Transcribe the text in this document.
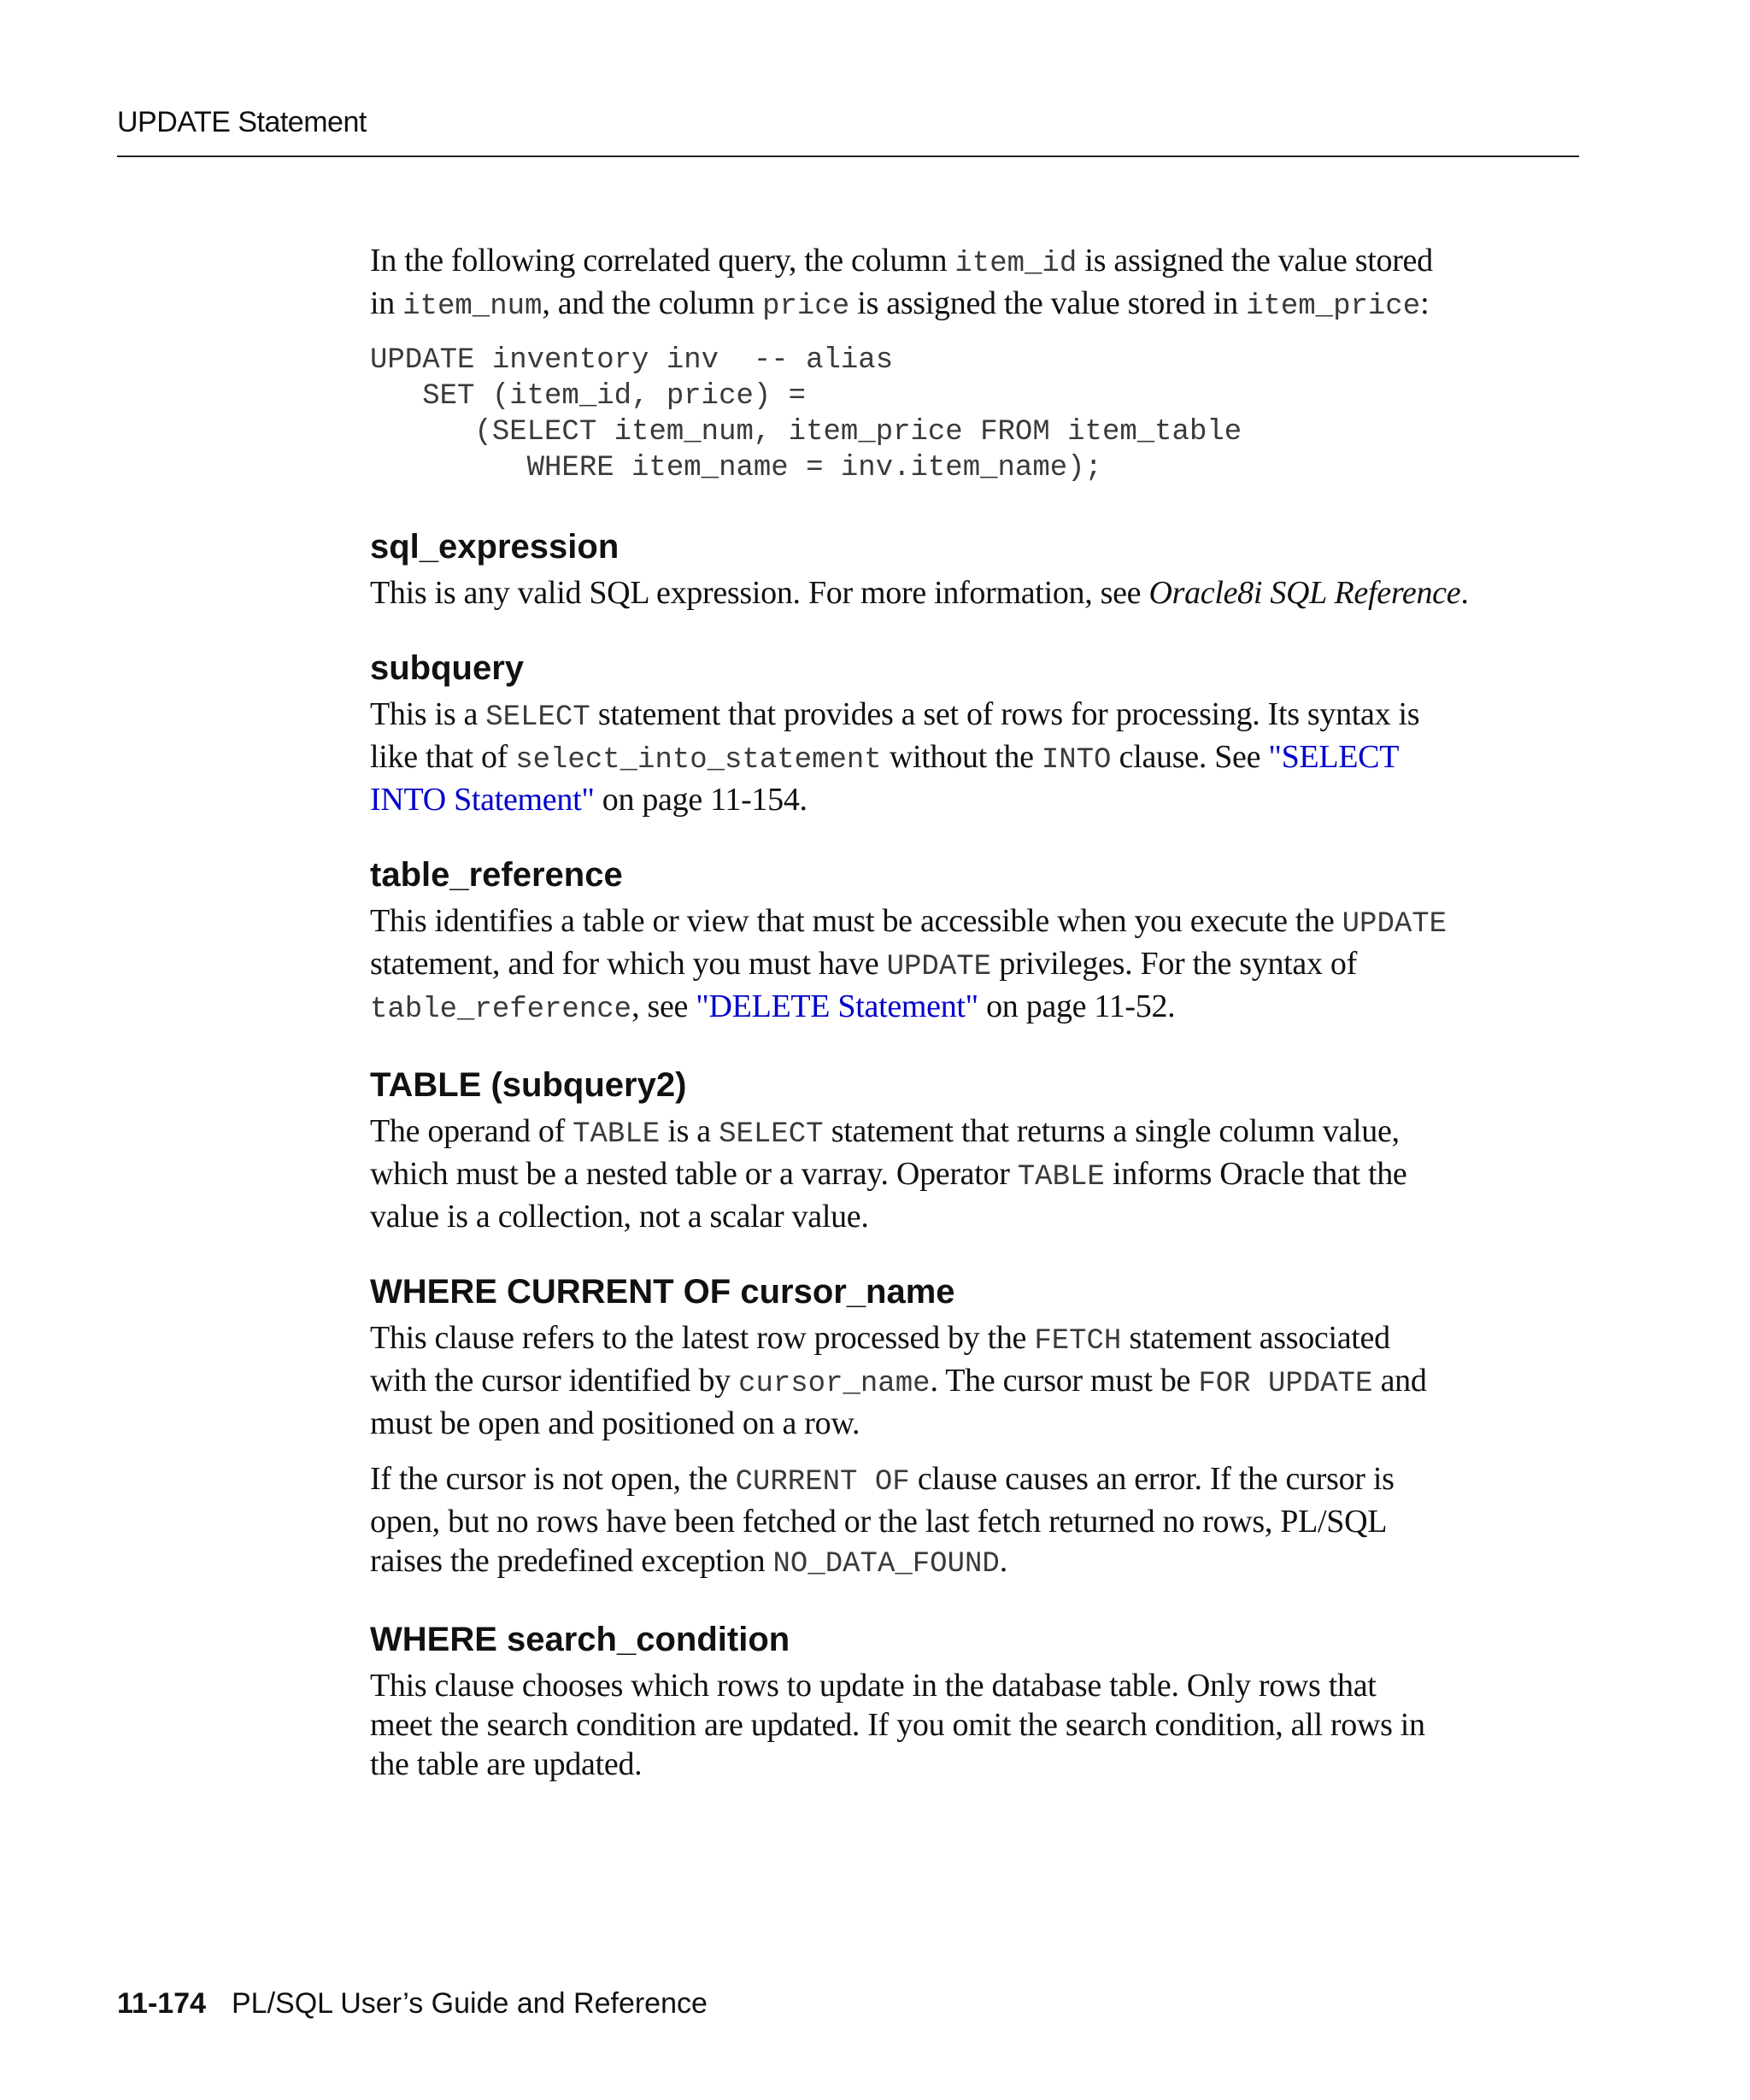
UPDATE Statement

In the following correlated query, the column item_id is assigned the value stored
in item_num, and the column price is assigned the value stored in item_price:

UPDATE inventory inv  -- alias
SET (item_id, price) =
(SELECT item_num, item_price FROM item_table
WHERE item_name = inv.item_name);
sql_expression

This is any valid SQL expression. For more information, see Oracle8i SQL Reference.

subquery

This is a SELECT statement that provides a set of rows for processing. Its syntax is
like that of select_into_statement without the INTO clause. See "SELECT
INTO Statement" on page 11-154.

table_reference

This identifies a table or view that must be accessible when you execute the UPDATE
statement, and for which you must have UPDATE privileges. For the syntax of
table_reference, see "DELETE Statement" on page 11-52.

TABLE (subquery2)

The operand of TABLE is a SELECT statement that returns a single column value,
which must be a nested table or a varray. Operator TABLE informs Oracle that the
value is a collection, not a scalar value.

WHERE CURRENT OF cursor_name

This clause refers to the latest row processed by the FETCH statement associated
with the cursor identified by cursor_name. The cursor must be FOR UPDATE and
must be open and positioned on a row.

If the cursor is not open, the CURRENT OF clause causes an error. If the cursor is
open, but no rows have been fetched or the last fetch returned no rows, PL/SQL
raises the predefined exception NO_DATA_FOUND.

WHERE search_condition

This clause chooses which rows to update in the database table. Only rows that
meet the search condition are updated. If you omit the search condition, all rows in
the table are updated.

11-174 PL/SQL User’s Guide and Reference
